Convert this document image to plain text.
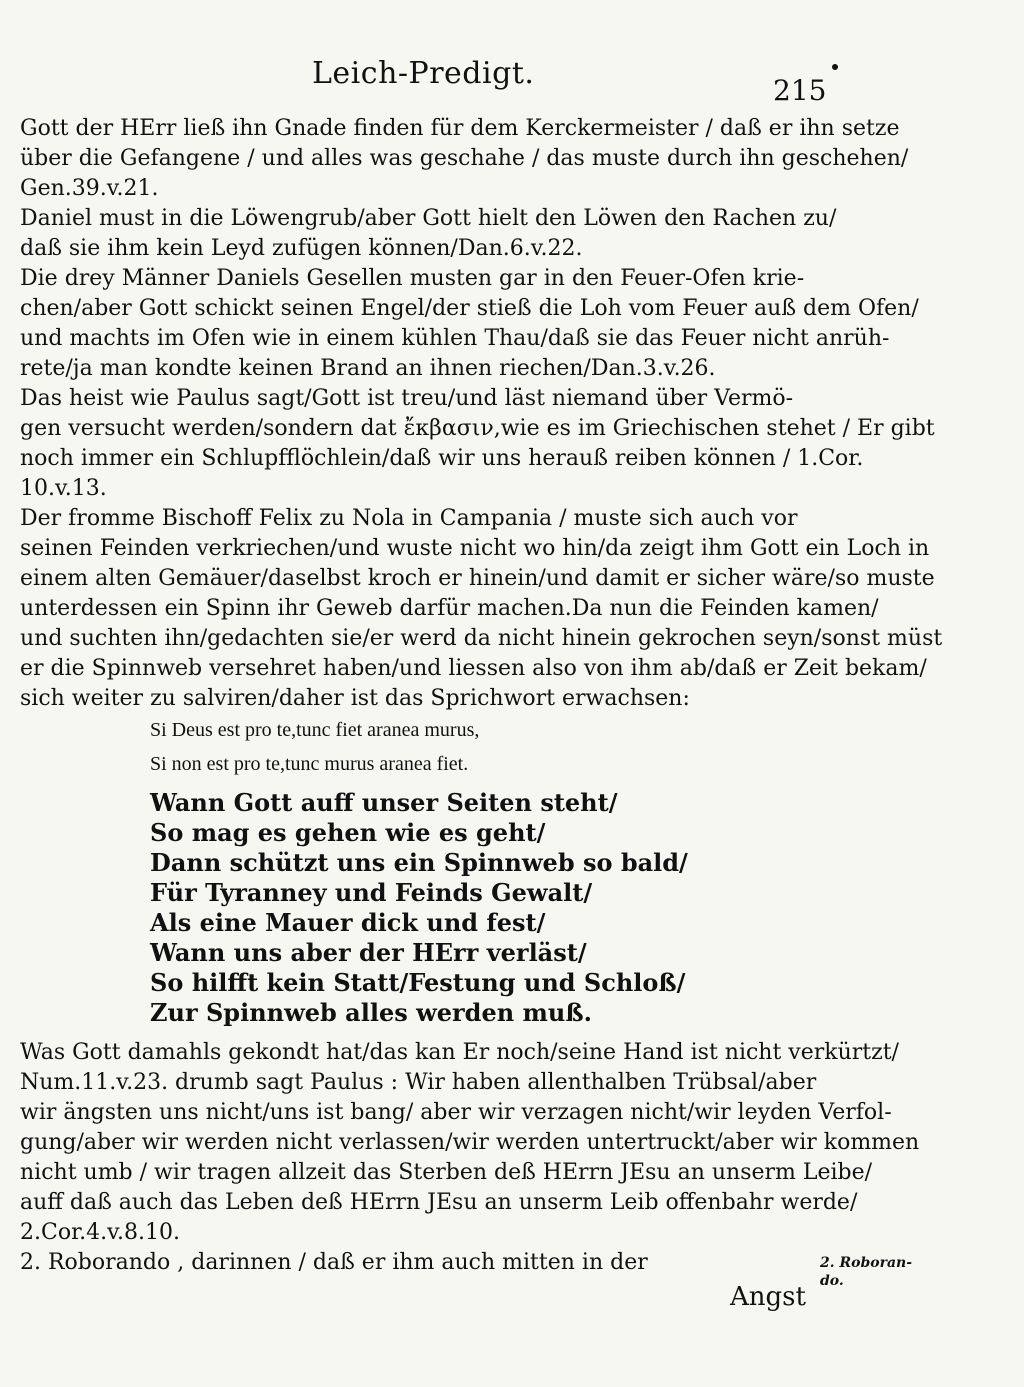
Leich-Predigt.	215
Gott der HErr ließ ihn Gnade finden für dem Kerckermeister / daß er ihn setze
über die Gefangene / und alles was geschahe / das muste durch ihn geschehen/
Gen.39.v.21.
Daniel must in die Löwengrub/aber Gott hielt den Löwen den Rachen zu/
daß sie ihm kein Leyd zufügen können/Dan.6.v.22.
Die drey Männer Daniels Gesellen musten gar in den Feuer-Ofen krie-
chen/aber Gott schickt seinen Engel/der stieß die Loh vom Feuer auß dem Ofen/
und machts im Ofen wie in einem kühlen Thau/daß sie das Feuer nicht anrüh-
rete/ja man kondte keinen Brand an ihnen riechen/Dan.3.v.26.
Das heist wie Paulus sagt/Gott ist treu/und läst niemand über Vermö-
gen versucht werden/sondern dat ἔκβασιν,wie es im Griechischen stehet / Er gibt
noch immer ein Schlupfflöchlein/daß wir uns herauß reiben können / 1.Cor.
10.v.13.
Der fromme Bischoff Felix zu Nola in Campania / muste sich auch vor
seinen Feinden verkriechen/und wuste nicht wo hin/da zeigt ihm Gott ein Loch in
einem alten Gemäuer/daselbst kroch er hinein/und damit er sicher wäre/so muste
unterdessen ein Spinn ihr Geweb darfür machen.Da nun die Feinden kamen/
und suchten ihn/gedachten sie/er werd da nicht hinein gekrochen seyn/sonst müst
er die Spinnweb versehret haben/und liessen also von ihm ab/daß er Zeit bekam/
sich weiter zu salviren/daher ist das Sprichwort erwachsen:
Si Deus est pro te,tunc fiet aranea murus,
Si non est pro te,tunc murus aranea fiet.
Wann Gott auff unser Seiten steht/
So mag es gehen wie es geht/
Dann schützt uns ein Spinnweb so bald/
Für Tyranney und Feinds Gewalt/
Als eine Mauer dick und fest/
Wann uns aber der HErr verläst/
So hilfft kein Statt/Festung und Schloß/
Zur Spinnweb alles werden muß.
Was Gott damahls gekondt hat/das kan Er noch/seine Hand ist nicht verkürtzt/
Num.11.v.23. drumb sagt Paulus : Wir haben allenthalben Trübsal/aber
wir ängsten uns nicht/uns ist bang/ aber wir verzagen nicht/wir leyden Verfol-
gung/aber wir werden nicht verlassen/wir werden untertruckt/aber wir kommen
nicht umb / wir tragen allzeit das Sterben deß HErrn JEsu an unserm Leibe/
auff daß auch das Leben deß HErrn JEsu an unserm Leib offenbahr werde/
2.Cor.4.v.8.10.
2. Roborando , darinnen / daß er ihm auch mitten in der	2. Roboran-
do.
Angst
